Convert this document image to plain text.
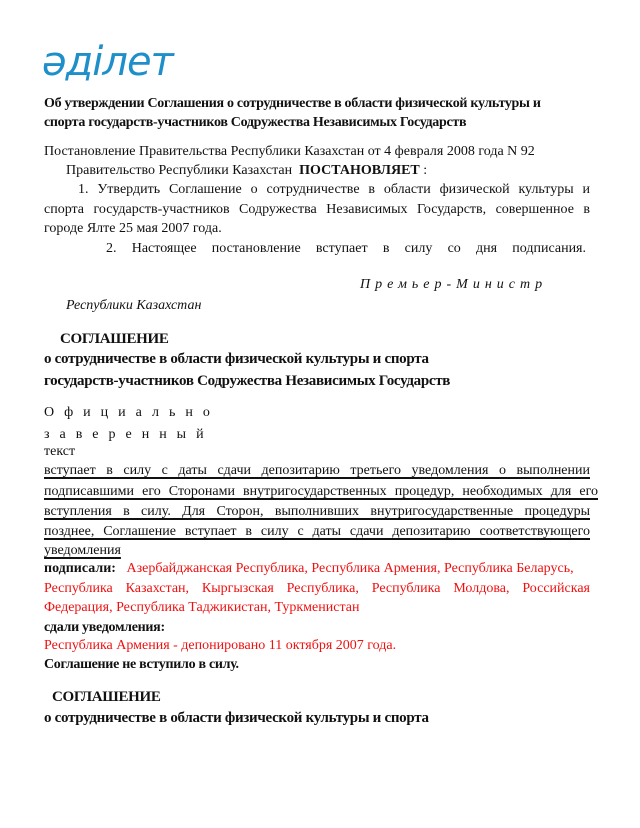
әділет
Об утверждении Соглашения о сотрудничестве в области физической культуры и
спорта государств-участников Содружества Независимых Государств
Постановление Правительства Республики Казахстан от 4 февраля 2008 года N 92
Правительство Республики Казахстан ПОСТАНОВЛЯЕТ :
1. Утвердить Соглашение о сотрудничестве в области физической культуры и
спорта государств-участников Содружества Независимых Государств, совершенное в
городе Ялте 25 мая 2007 года.
2. Настоящее постановление вступает в силу со дня подписания.
Премьер-Министр
Республики Казахстан
СОГЛАШЕНИЕ
о сотрудничестве в области физической культуры и спорта
государств-участников Содружества Независимых Государств
Официально
заверенный
текст
вступает в силу с даты сдачи депозитарию третьего уведомления о выполнении
подписавшими его Сторонами внутригосударственных процедур, необходимых для его
вступления в силу. Для Сторон, выполнивших внутригосударственные процедуры
позднее, Соглашение вступает в силу с даты сдачи депозитарию соответствующего
уведомления
подписали: Азербайджанская Республика, Республика Армения, Республика Беларусь,
Республика Казахстан, Кыргызская Республика, Республика Молдова, Российская
Федерация, Республика Таджикистан, Туркменистан
сдали уведомления:
Республика Армения - депонировано 11 октября 2007 года.
Соглашение не вступило в силу.
СОГЛАШЕНИЕ
о сотрудничестве в области физической культуры и спорта
